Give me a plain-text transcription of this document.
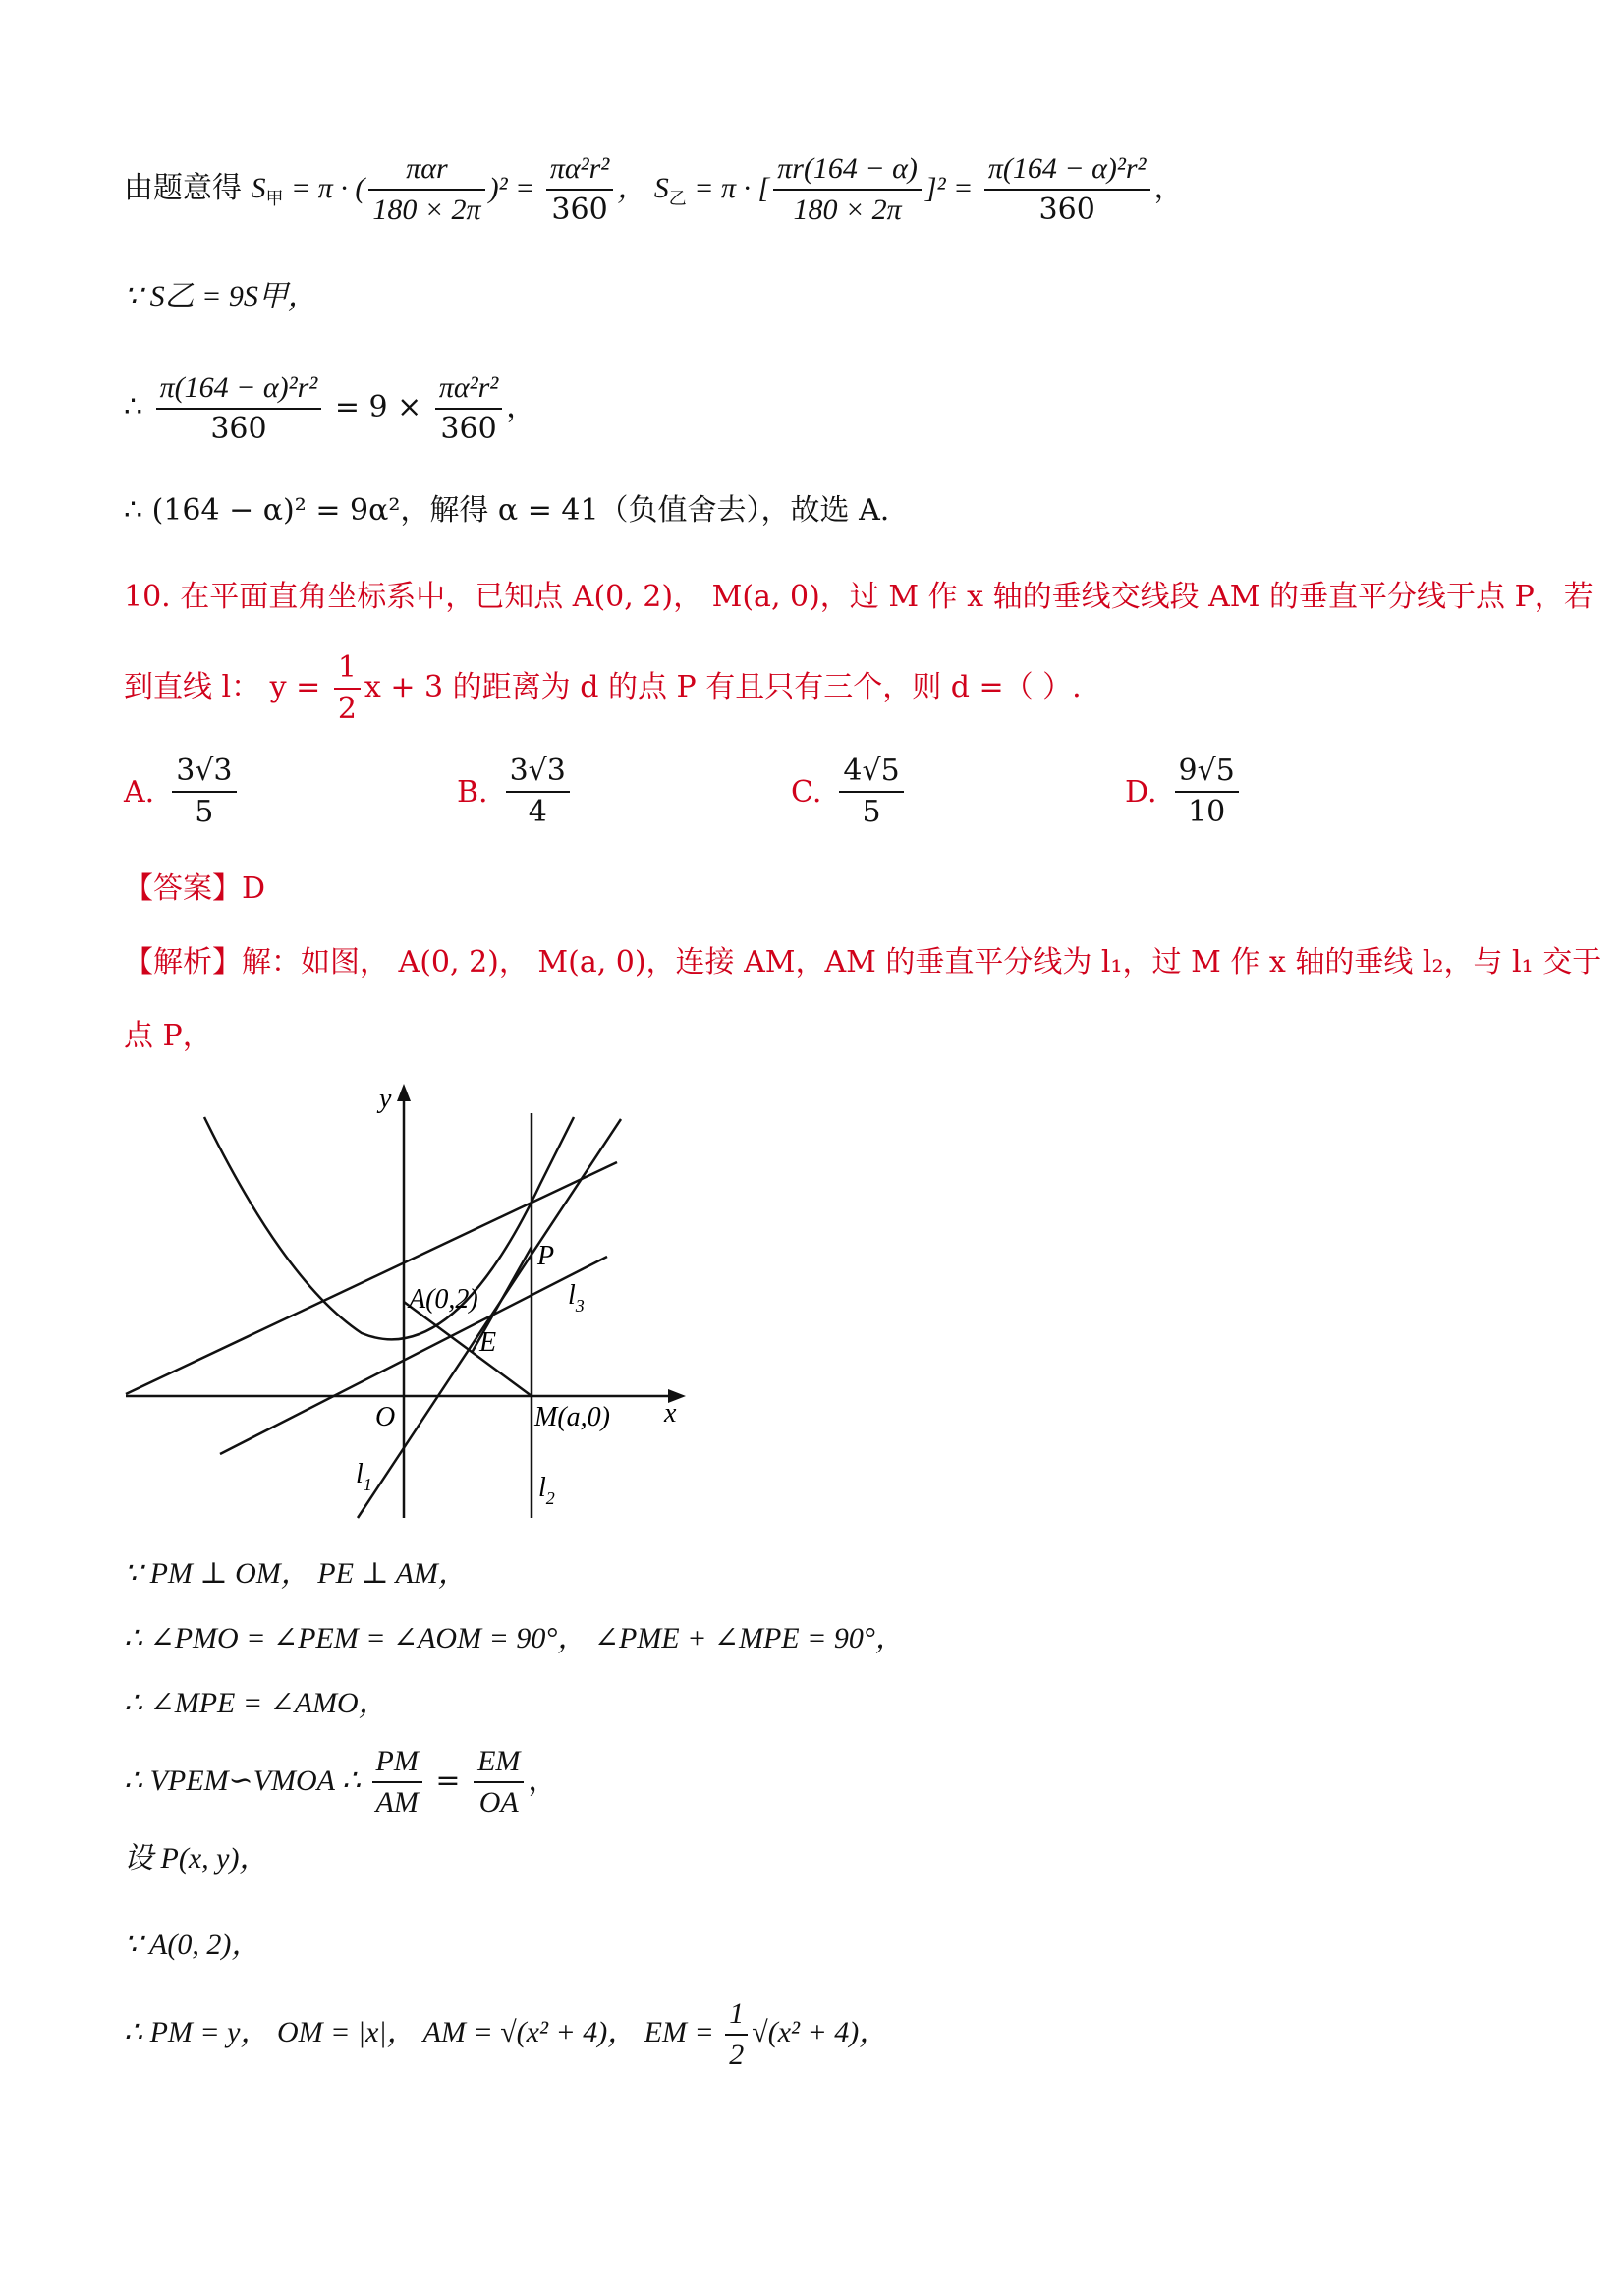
由题意得 $S_甲 = \pi$ · ( $\frac{\text{παr}}{180 \times 2\pi} )^2 = \frac{\text{πα²r²}}{360}$ ， $S_乙 = \pi$ · [ $\frac{\pi r(164 - \alpha)}{180 \times 2\pi} ]^2 = \frac{\text{π(164 − α)²r²}}{360}$ ，
∵ S乙 = 9S甲，
∴ $\frac{\text{π(164 − α)²r²}}{360} = 9 \times \frac{\text{πα²r²}}{360}$ ，
∴ (164 − α)² = 9α²，解得 α = 41（负值舍去），故选 A.
10. 在平面直角坐标系中，已知点 A(0, 2)， M(a, 0)，过 M 作 x 轴的垂线交线段 AM 的垂直平分线于点 P，若
到直线 l： $y = \frac{1}{2}$ x + 3 的距离为 d 的点 P 有且只有三个，则 d =（ ）.
A. $\frac{3√3}{5}$	B. $\frac{3√3}{4}$	C. $\frac{4√5}{5}$	D. $\frac{9√5}{10}$
【答案】D
【解析】解：如图， A(0, 2)， M(a, 0)，连接 AM，AM 的垂直平分线为 l₁，过 M 作 x 轴的垂线 l₂，与 l₁ 交于
点 P，
y
x
A(0,2)
P
E
O	M(a,0)
$l_1$	$l_2$
$l_3$
∵ PM ⊥ OM， PE ⊥ AM，
∴ ∠PMO = ∠PEM = ∠AOM = 90°， ∠PME + ∠MPE = 90°，
∴ ∠MPE = ∠AMO，
∴ VPEM∽VMOA ∴ $\frac{PM}{AM} = \frac{EM}{OA}$ ，
设 P(x, y)，
∵ A(0, 2)，
∴ PM = y， OM = |x|， AM = √(x² + 4)， EM = $\frac{1}{2} √(x^2 + 4)$，
